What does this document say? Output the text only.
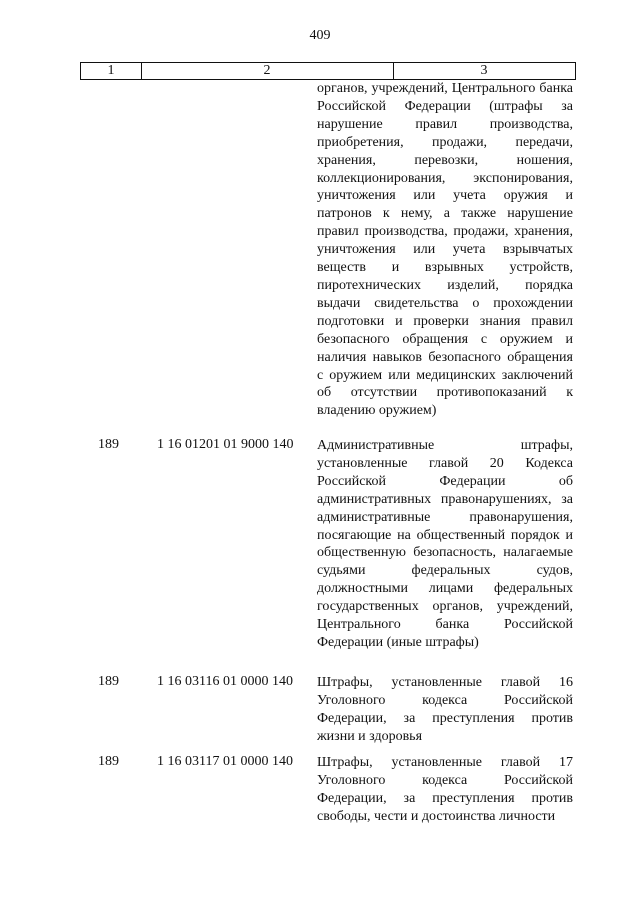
409
1	2	3
органов, учреждений, Центрального банка Российской Федерации (штрафы за нарушение правил производства, приобретения, продажи, передачи, хранения, перевозки, ношения, коллекционирования, экспонирования, уничтожения или учета оружия и патронов к нему, а также нарушение правил производства, продажи, хранения, уничтожения или учета взрывчатых веществ и взрывных устройств, пиротехнических изделий, порядка выдачи свидетельства о прохождении подготовки и проверки знания правил безопасного обращения с оружием и наличия навыков безопасного обращения с оружием или медицинских заключений об отсутствии противопоказаний к владению оружием)
189	1 16 01201 01 9000 140 Административные штрафы, установленные главой 20 Кодекса Российской Федерации об административных правонарушениях, за административные правонарушения, посягающие на общественный порядок и общественную безопасность, налагаемые судьями федеральных судов, должностными лицами федеральных государственных органов, учреждений, Центрального банка Российской Федерации (иные штрафы)
189	1 16 03116 01 0000 140 Штрафы, установленные главой 16 Уголовного кодекса Российской Федерации, за преступления против жизни и здоровья
189	1 16 03117 01 0000 140 Штрафы, установленные главой 17 Уголовного кодекса Российской Федерации, за преступления против свободы, чести и достоинства личности
